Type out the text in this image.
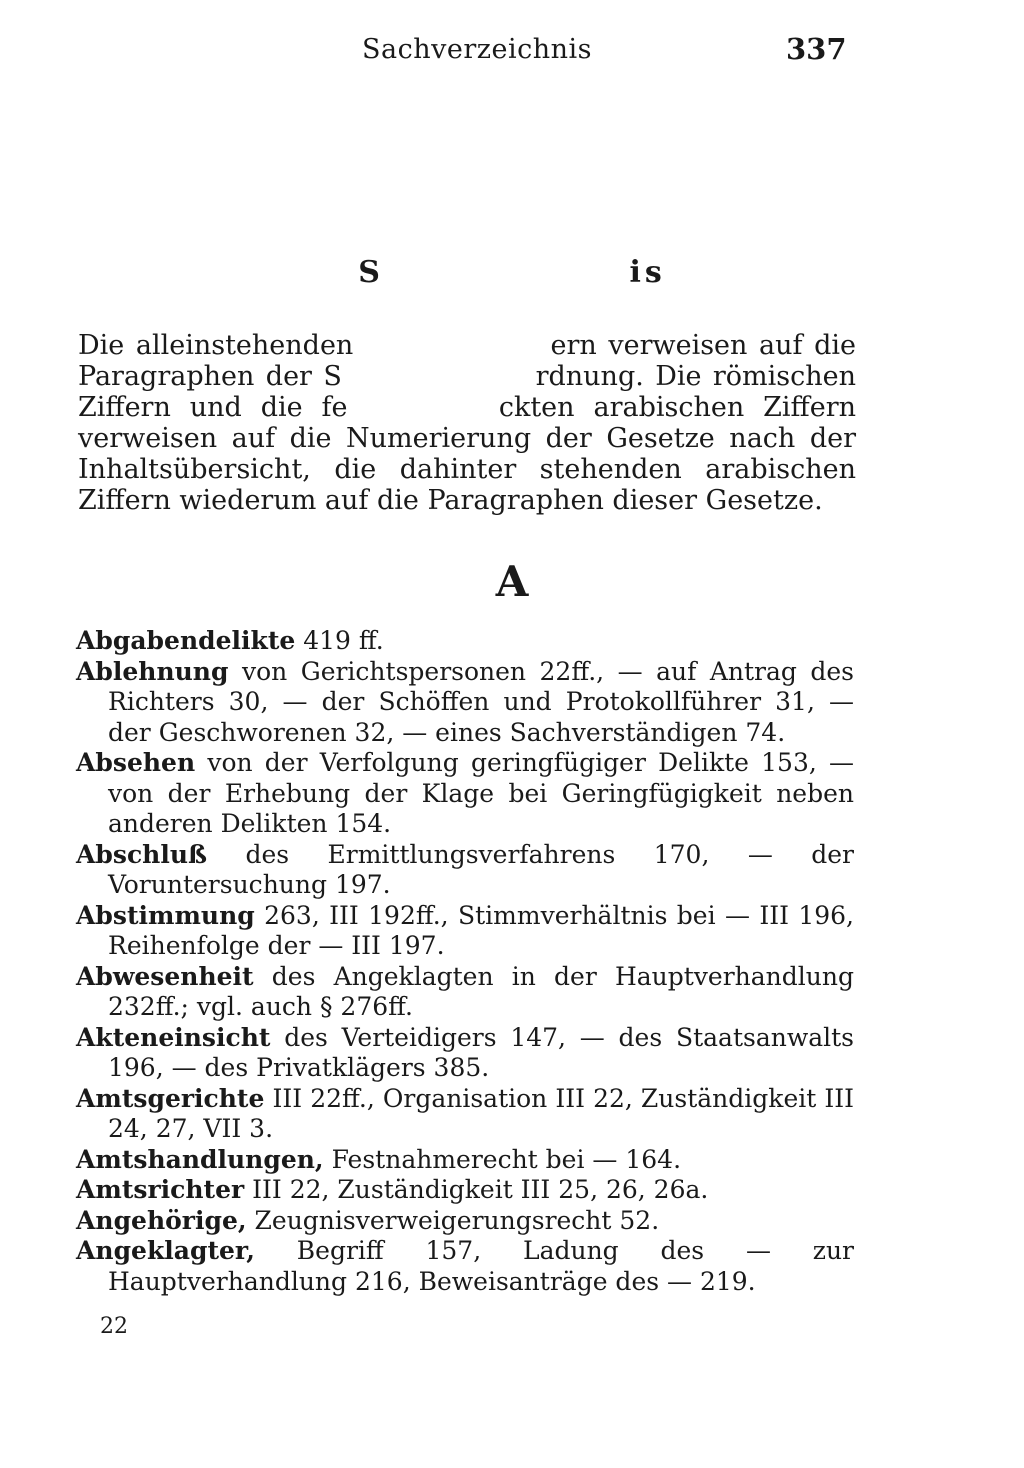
Sachverzeichnis	337
S                 is

Die alleinstehenden                 ern verweisen auf die Paragraphen der S                 rdnung. Die römischen Ziffern und die fe        ckten arabischen Ziffern verweisen auf die Numerierung der Gesetze nach der Inhaltsübersicht, die dahinter stehenden arabischen Ziffern wiederum auf die Paragraphen dieser Gesetze.

A
Abgabendelikte 419 ff.
Ablehnung von Gerichtspersonen 22ff., — auf Antrag des Richters 30, — der Schöffen und Protokollführer 31, — der Geschworenen 32, — eines Sachverständigen 74.
Absehen von der Verfolgung geringfügiger Delikte 153, — von der Erhebung der Klage bei Geringfügigkeit neben anderen Delikten 154.
Abschluß des Ermittlungsverfahrens 170, — der Voruntersuchung 197.
Abstimmung 263, III 192ff., Stimmverhältnis bei — III 196, Reihenfolge der — III 197.
Abwesenheit des Angeklagten in der Hauptverhandlung 232ff.; vgl. auch § 276ff.
Akteneinsicht des Verteidigers 147, — des Staatsanwalts 196, — des Privatklägers 385.
Amtsgerichte III 22ff., Organisation III 22, Zuständigkeit III 24, 27, VII 3.
Amtshandlungen, Festnahmerecht bei — 164.
Amtsrichter III 22, Zuständigkeit III 25, 26, 26a.
Angehörige, Zeugnisverweigerungsrecht 52.
Angeklagter, Begriff 157, Ladung des — zur Hauptverhandlung 216, Beweisanträge des — 219.
22
